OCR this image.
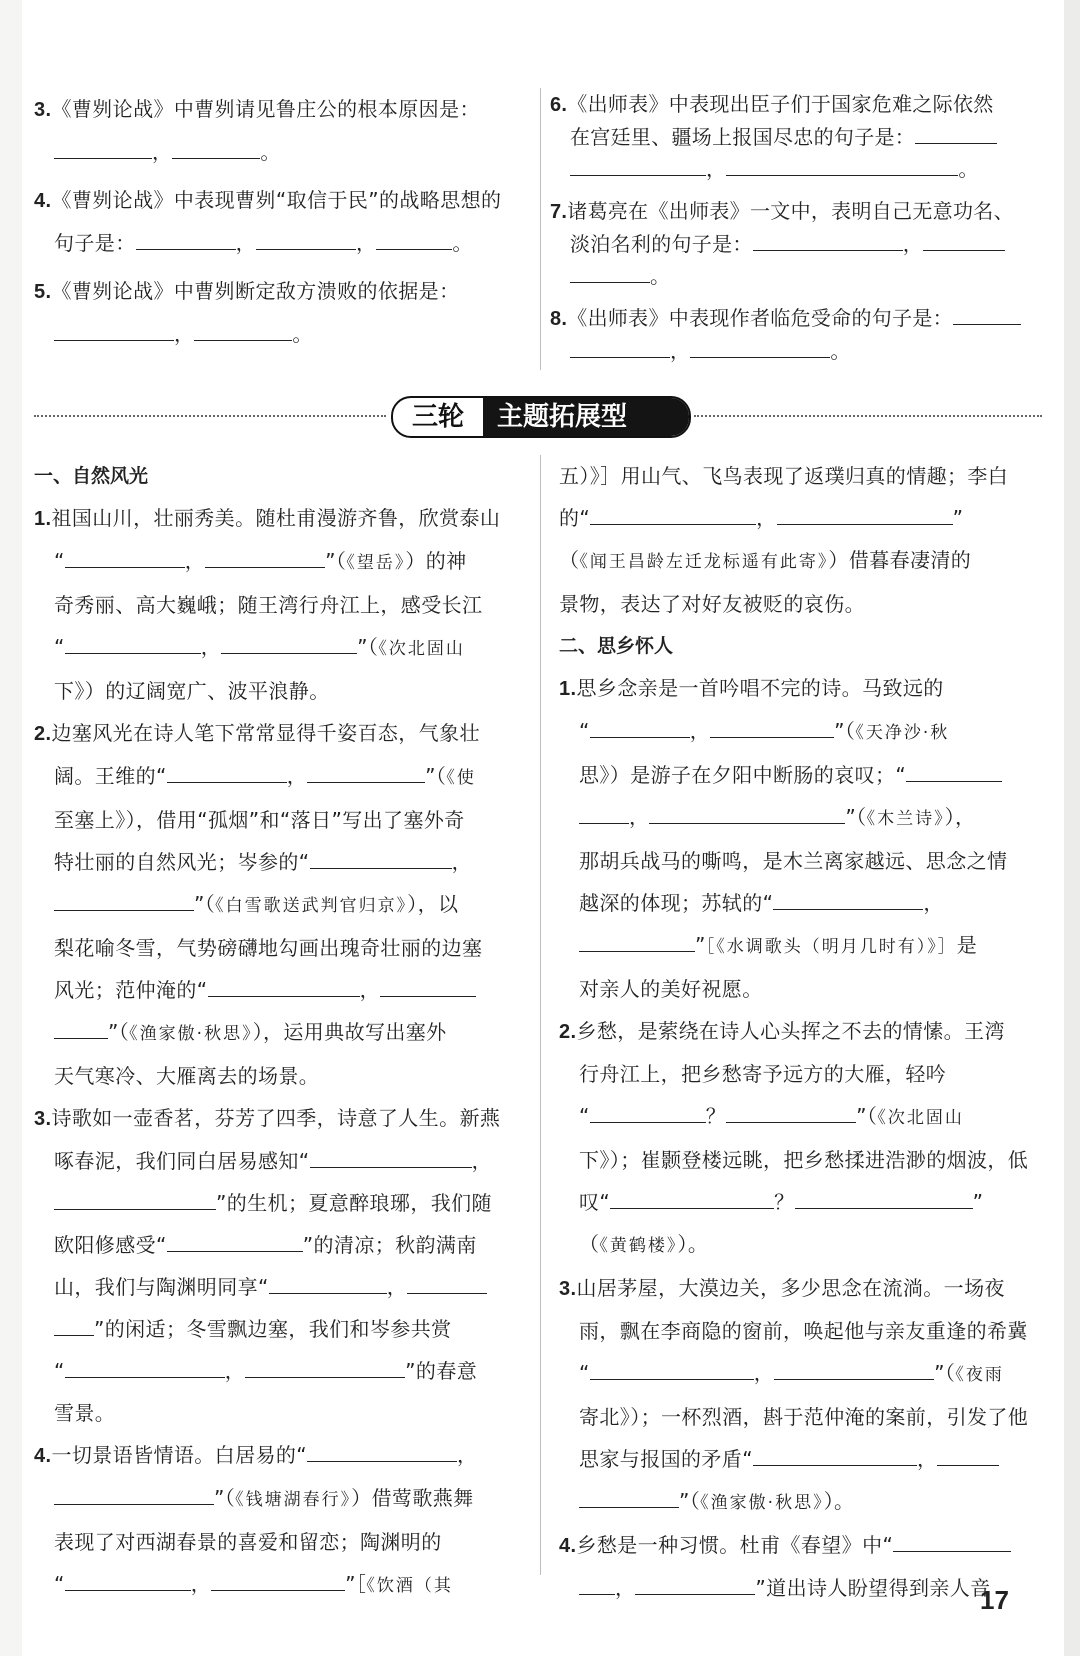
3.《曹刿论战》中曹刿请见鲁庄公的根本原因是：
，	。
4.《曹刿论战》中表现曹刿“取信于民”的战略思想的
句子是：	，	，	。
5.《曹刿论战》中曹刿断定敌方溃败的依据是：
，	。
6.《出师表》中表现出臣子们于国家危难之际依然
在宫廷里、疆场上报国尽忠的句子是：
，	。
7.诸葛亮在《出师表》一文中，表明自己无意功名、
淡泊名利的句子是：	，
。
8.《出师表》中表现作者临危受命的句子是：
，	。
三轮	主题拓展型
一、自然风光
1.祖国山川，壮丽秀美。随杜甫漫游齐鲁，欣赏泰山
“	，	”（《望岳》）的神
奇秀丽、高大巍峨；随王湾行舟江上，感受长江
“	，	”（《次北固山
下》）的辽阔宽广、波平浪静。
2.边塞风光在诗人笔下常常显得千姿百态，气象壮
阔。王维的“	，	”（《使
至塞上》），借用“孤烟”和“落日”写出了塞外奇
特壮丽的自然风光；岑参的“	，
”（《白雪歌送武判官归京》），以
梨花喻冬雪，气势磅礴地勾画出瑰奇壮丽的边塞
风光；范仲淹的“	，
”（《渔家傲·秋思》），运用典故写出塞外
天气寒冷、大雁离去的场景。
3.诗歌如一壶香茗，芬芳了四季，诗意了人生。新燕
啄春泥，我们同白居易感知“	，
”的生机；夏意醉琅琊，我们随
欧阳修感受“	”的清凉；秋韵满南
山，我们与陶渊明同享“	，
”的闲适；冬雪飘边塞，我们和岑参共赏
“	，	”的春意
雪景。
4.一切景语皆情语。白居易的“	，
”（《钱塘湖春行》）借莺歌燕舞
表现了对西湖春景的喜爱和留恋；陶渊明的
“	，	”［《饮酒（其
五）》］用山气、飞鸟表现了返璞归真的情趣；李白
的“	，	”
（《闻王昌龄左迁龙标遥有此寄》）借暮春凄清的
景物，表达了对好友被贬的哀伤。
二、思乡怀人
1.思乡念亲是一首吟唱不完的诗。马致远的
“	，	”（《天净沙·秋
思》）是游子在夕阳中断肠的哀叹；“
，	”（《木兰诗》），
那胡兵战马的嘶鸣，是木兰离家越远、思念之情
越深的体现；苏轼的“	，
”［《水调歌头（明月几时有）》］是
对亲人的美好祝愿。
2.乡愁，是萦绕在诗人心头挥之不去的情愫。王湾
行舟江上，把乡愁寄予远方的大雁，轻吟
“	？	”（《次北固山
下》）；崔颢登楼远眺，把乡愁揉进浩渺的烟波，低
叹“	？	”
（《黄鹤楼》）。
3.山居茅屋，大漠边关，多少思念在流淌。一场夜
雨，飘在李商隐的窗前，唤起他与亲友重逢的希冀
“	，	”（《夜雨
寄北》）；一杯烈酒，斟于范仲淹的案前，引发了他
思家与报国的矛盾“	，
”（《渔家傲·秋思》）。
4.乡愁是一种习惯。杜甫《春望》中“
，	”道出诗人盼望得到亲人音
17
